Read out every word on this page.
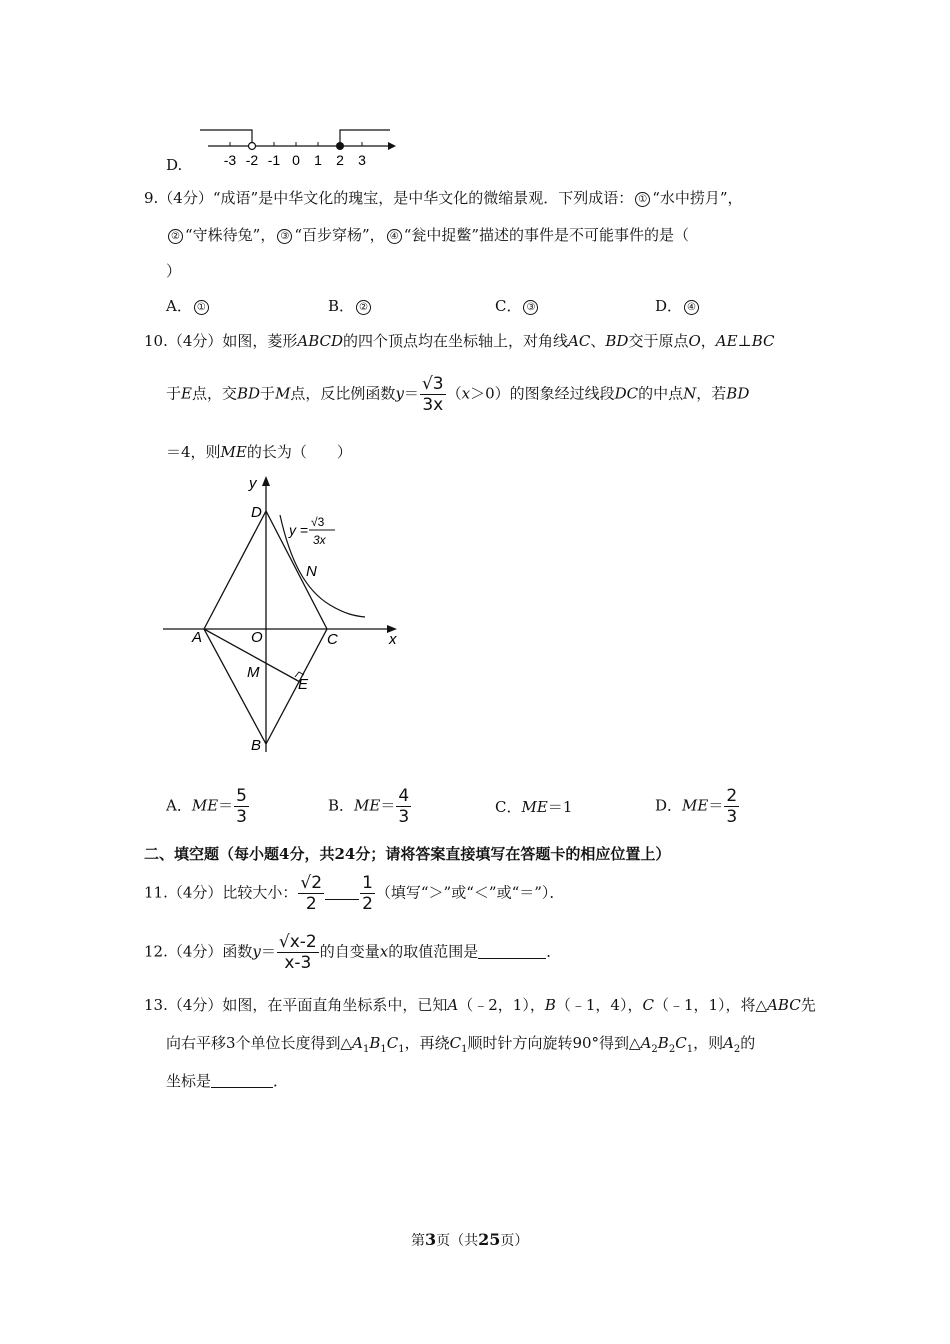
D.	-3 -2 -1 0 1 2 3
9.（4分）“成语”是中华文化的瑰宝，是中华文化的微缩景观．下列成语： ① “水中捞月”，
② “守株待兔”， ③ “百步穿杨”， ④ “瓮中捉鳖”描述的事件是不可能事件的是（
）
A． ①	B． ②	C． ③	D． ④
10.（4分）如图，菱形ABCD的四个顶点均在坐标轴上，对角线AC、BD交于原点O，AE⊥BC
于E点，交BD于M点，反比例函数$y= \frac{√3}{3x} (x>0)$的图象经过线段DC的中点N，若BD
＝4，则ME的长为（　　）
y
x
D
A	O	C
M
E
B
N
y = √3
3x
A．$ME= \frac{5}{3}$	B．$ME= \frac{4}{3}$	C．ME＝1	D．$ME= \frac{2}{3}$
二、填空题（每小题4分，共24分；请将答案直接填写在答题卡的相应位置上）
11.（4分）比较大小： $\frac{√2}{2} \frac{1}{2}$ （填写“＞”或“＜”或“＝”）．
12.（4分）函数$y= \frac{√x-2}{x-3}$ 的自变量x的取值范围是	．
13.（4分）如图，在平面直角坐标系中，已知A（﹣2，1），B（﹣1，4），C（﹣1，1），将△ABC先
向右平移3个单位长度得到$\triangle A_1B_1C_1$，再绕$C_1$顺时针方向旋转90°得到$\triangle A_2B_2C_1$，则$A_2$的
坐标是	．
第3页（共25页）
